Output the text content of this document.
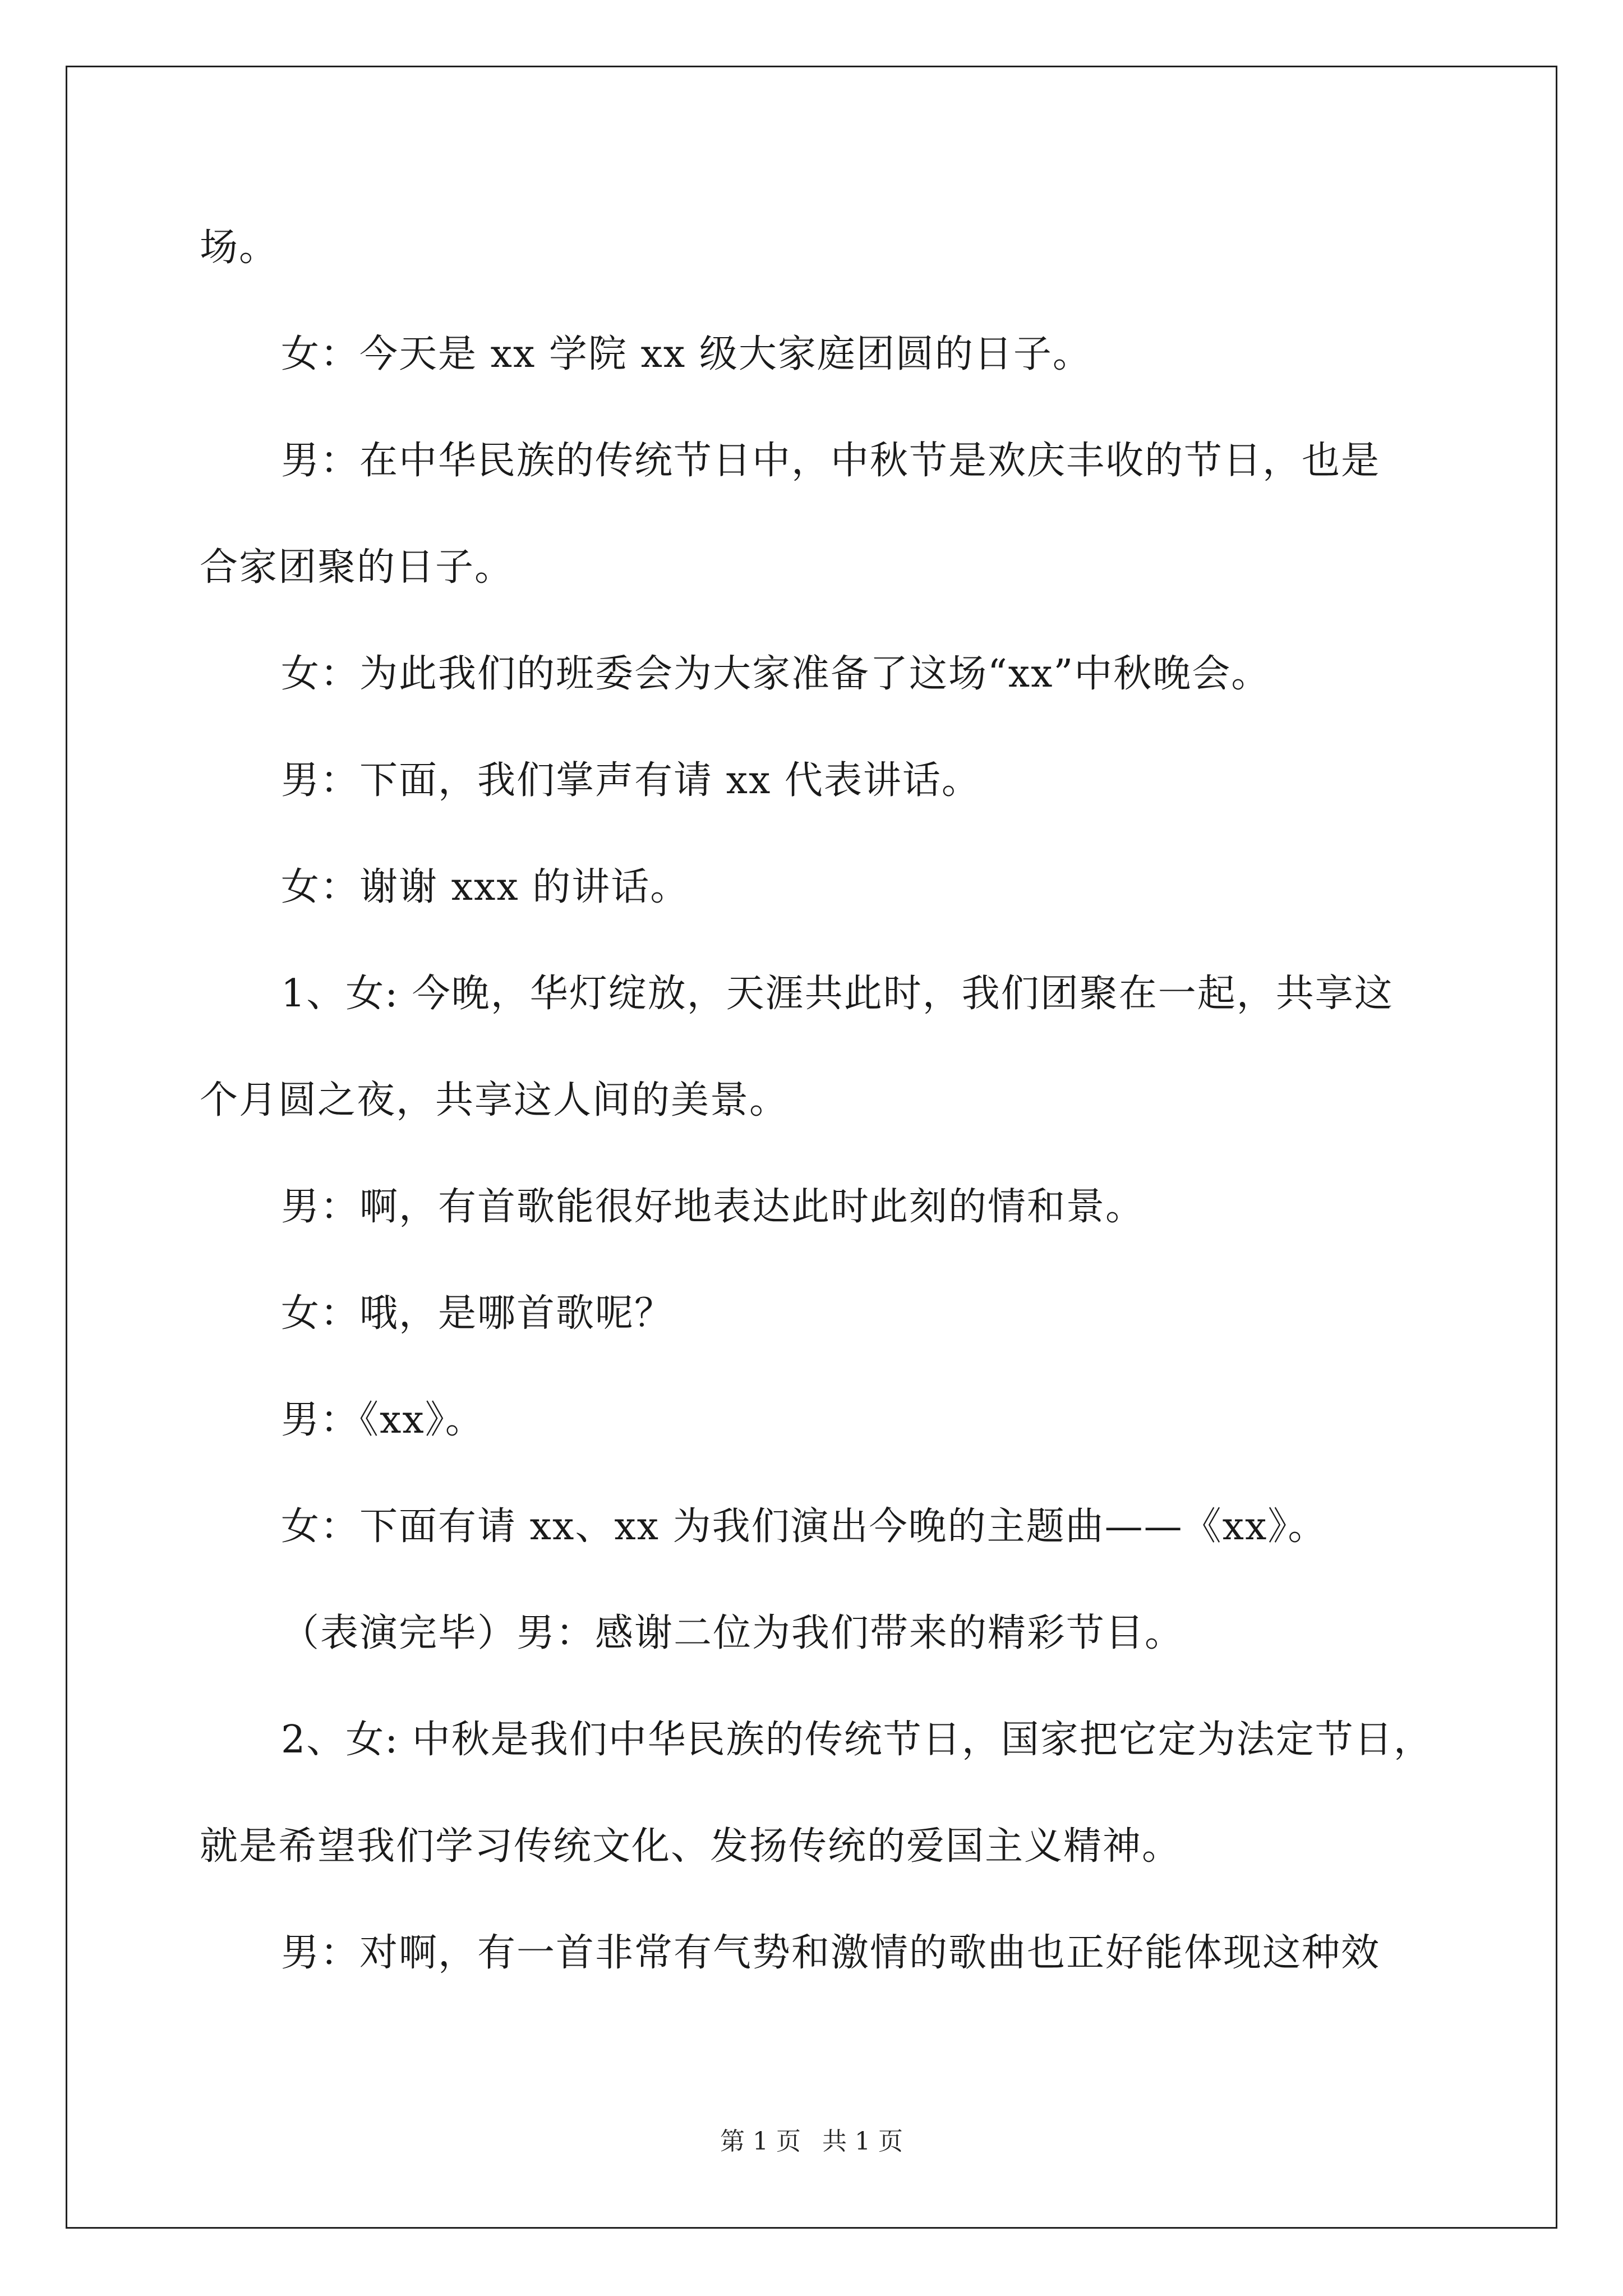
场。
女：今天是 xx 学院 xx 级大家庭团圆的日子。
男：在中华民族的传统节日中，中秋节是欢庆丰收的节日，也是
合家团聚的日子。
女：为此我们的班委会为大家准备了这场“xx”中秋晚会。
男：下面，我们掌声有请 xx 代表讲话。
女：谢谢 xxx 的讲话。
1、女: 今晚，华灯绽放，天涯共此时，我们团聚在一起，共享这
个月圆之夜，共享这人间的美景。
男：啊，有首歌能很好地表达此时此刻的情和景。
女：哦，是哪首歌呢？
男：《xx》。
女：下面有请 xx、xx 为我们演出今晚的主题曲——《xx》。
（表演完毕）男：感谢二位为我们带来的精彩节目。
2、女: 中秋是我们中华民族的传统节日，国家把它定为法定节日，
就是希望我们学习传统文化、发扬传统的爱国主义精神。
男：对啊，有一首非常有气势和激情的歌曲也正好能体现这种效
第 1 页 共 1 页
